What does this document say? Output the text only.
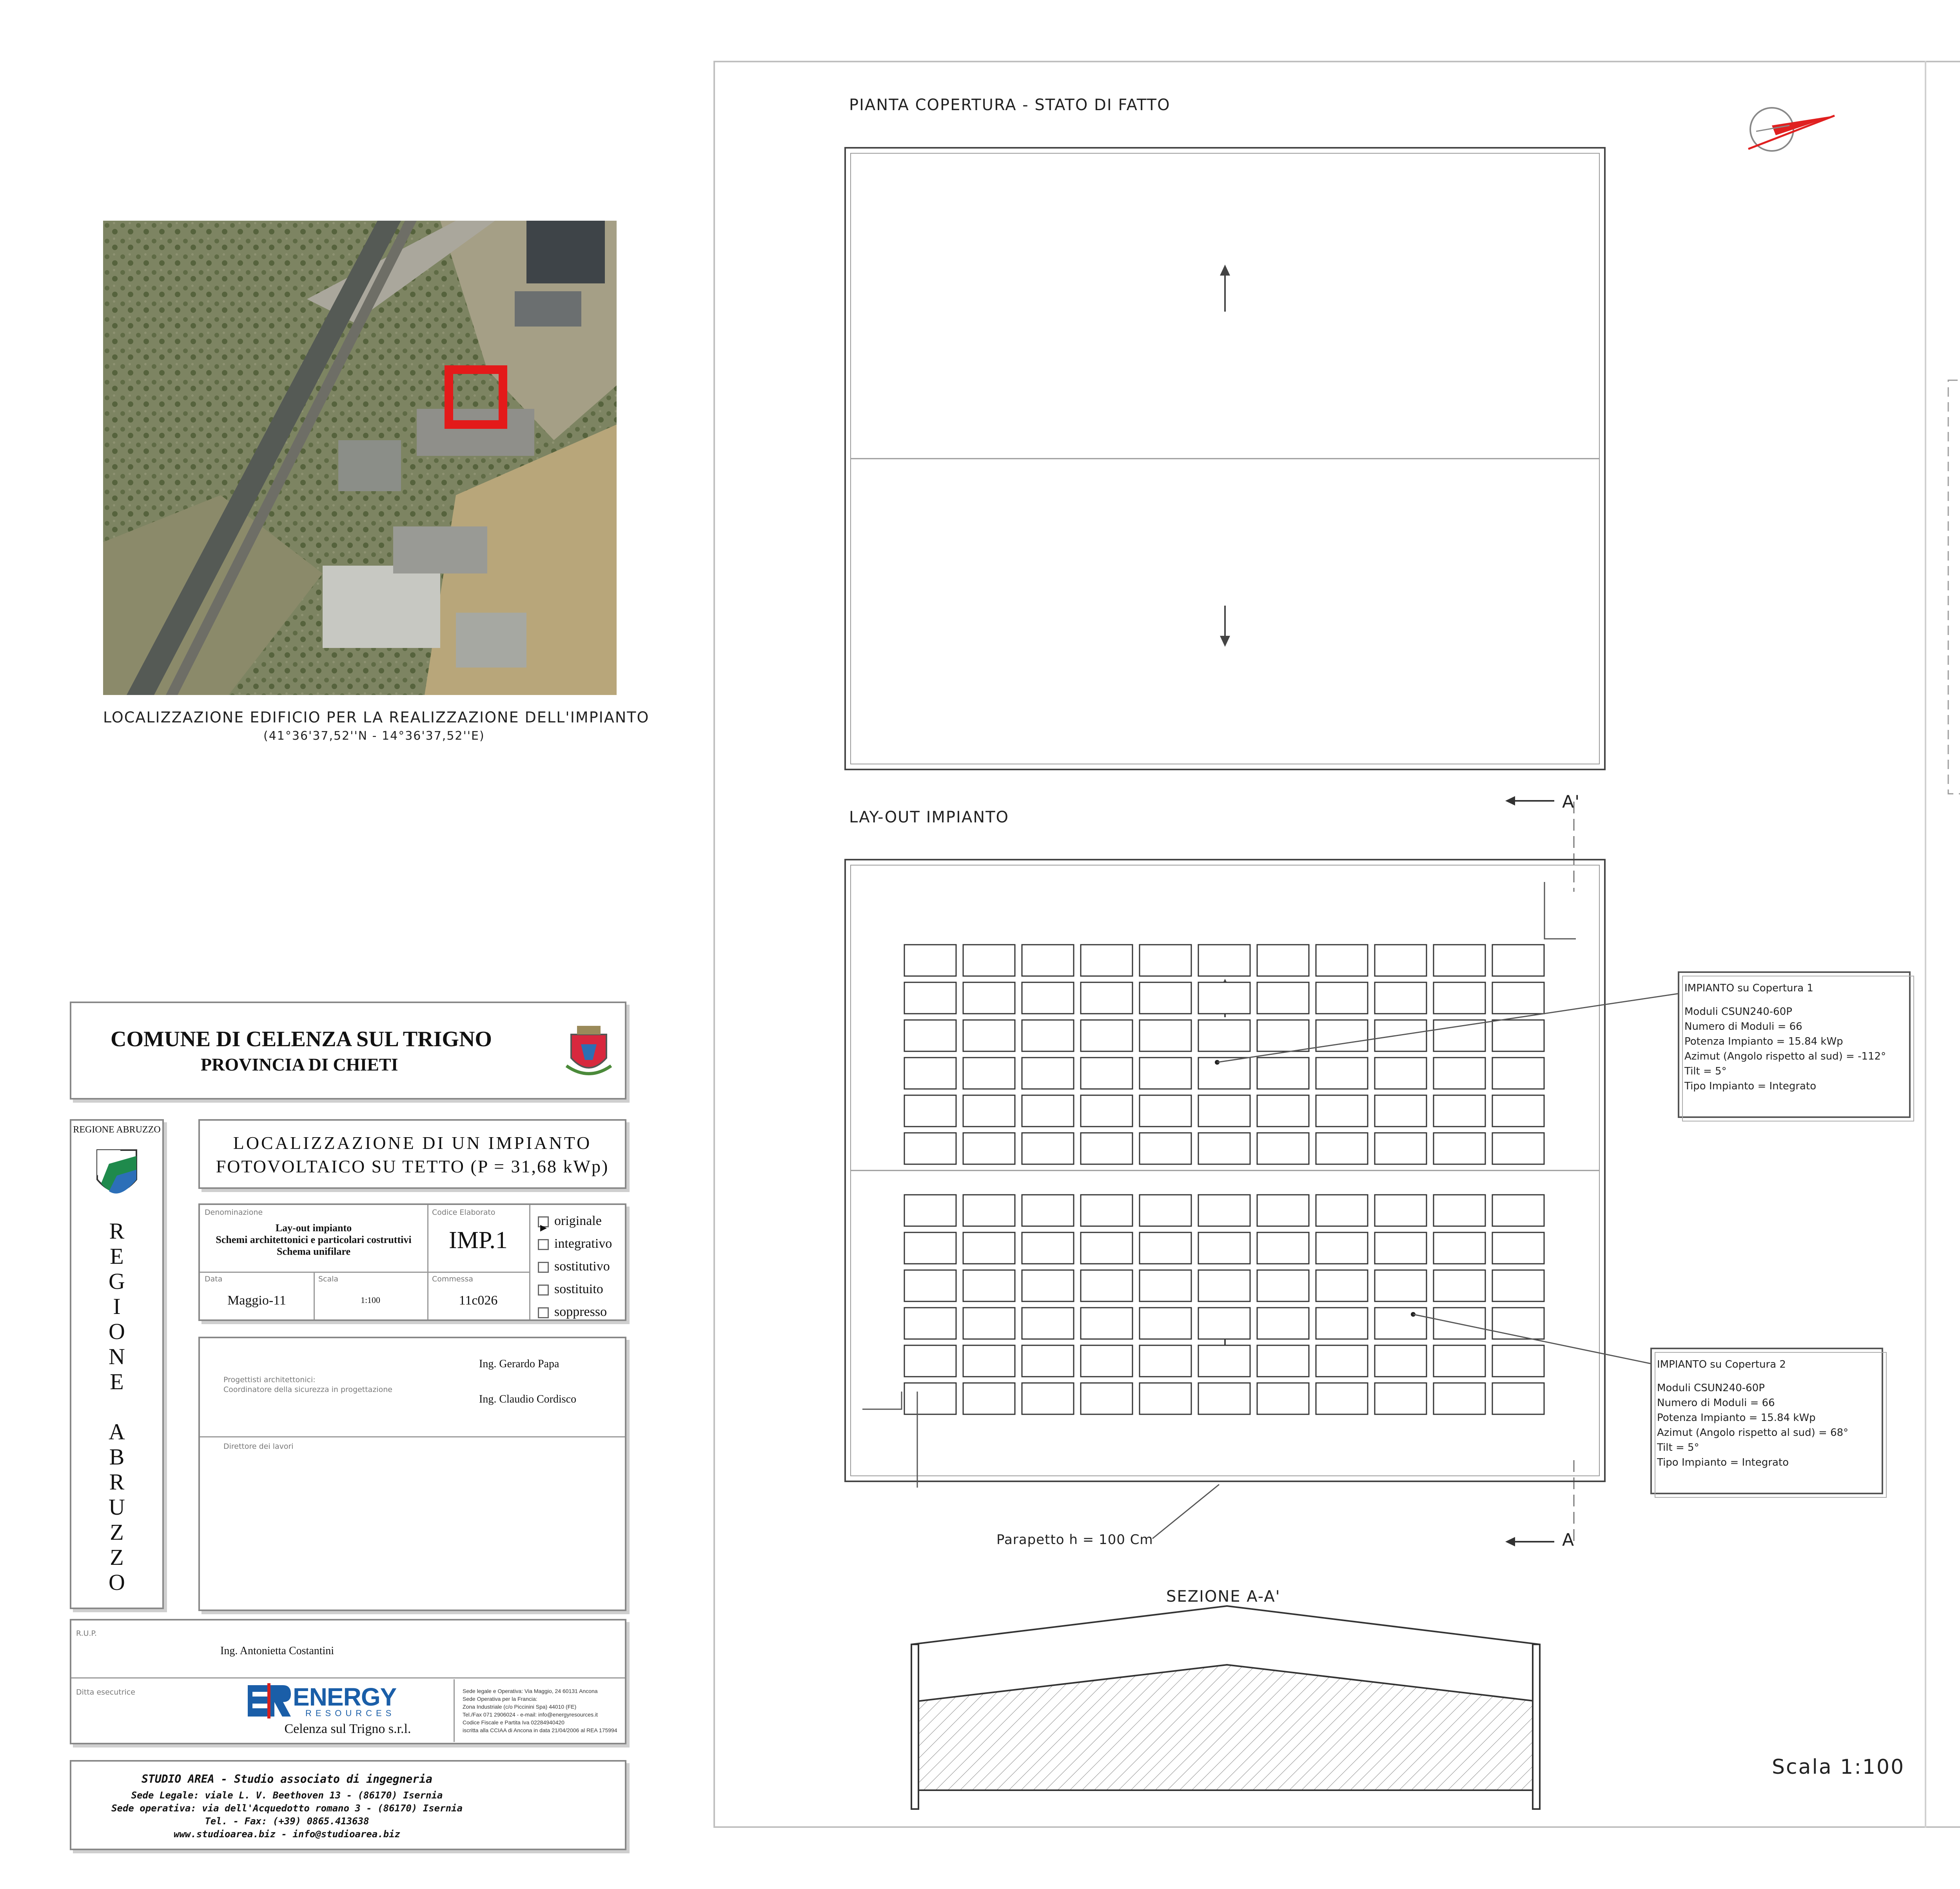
LOCALIZZAZIONE EDIFICIO PER LA REALIZZAZIONE DELL'IMPIANTO
(41°36'37,52''N - 14°36'37,52''E)
COMUNE DI CELENZA SUL TRIGNO
PROVINCIA DI CHIETI
REGIONE ABRUZZO
R
E
G
I
O
N
E

A
B
R
U
Z
Z
O
LOCALIZZAZIONE DI UN IMPIANTO
FOTOVOLTAICO SU TETTO (P = 31,68 kWp)
Denominazione
Lay-out impianto
Schemi architettonici e particolari costruttivi
Schema unifilare
Codice Elaborato
IMP.1
Data
Maggio-11
Scala
1:100
Commessa
11c026
▶ originale
integrativo
sostitutivo
sostituito
soppresso
Progettisti architettonici:
Coordinatore della sicurezza in progettazione
Ing. Gerardo Papa
Ing. Claudio Cordisco
Direttore dei lavori
R.U.P.
Ing. Antonietta Costantini
Ditta esecutrice	ENERGY
RESOURCES
Celenza sul Trigno s.r.l.
Sede legale e Operativa: Via Maggio, 24 60131 Ancona
Sede Operativa per la Francia:
Zona Industriale (c/o Piccinini Spa) 44010 (FE)
Tel./Fax 071 2906024 - e-mail: info@energyresources.it
Codice Fiscale e Partita Iva 02284940420
iscritta alla CCIAA di Ancona in data 21/04/2006 al REA 175994
STUDIO AREA - Studio associato di ingegneria
Sede Legale: viale L. V. Beethoven 13 - (86170) Isernia
Sede operativa: via dell'Acquedotto romano 3 - (86170) Isernia
Tel. - Fax: (+39) 0865.413638
www.studioarea.biz - info@studioarea.biz
PIANTA COPERTURA - STATO DI FATTO
LAY-OUT IMPIANTO
A'
A
Parapetto h = 100 Cm
IMPIANTO su Copertura 1
Moduli CSUN240-60P
Numero di Moduli = 66
Potenza Impianto = 15.84 kWp
Azimut (Angolo rispetto al sud) = -112°
Tilt = 5°
Tipo Impianto = Integrato
IMPIANTO su Copertura 2
Moduli CSUN240-60P
Numero di Moduli = 66
Potenza Impianto = 15.84 kWp
Azimut (Angolo rispetto al sud) = 68°
Tilt = 5°
Tipo Impianto = Integrato
SEZIONE A-A'
Scala 1:100
